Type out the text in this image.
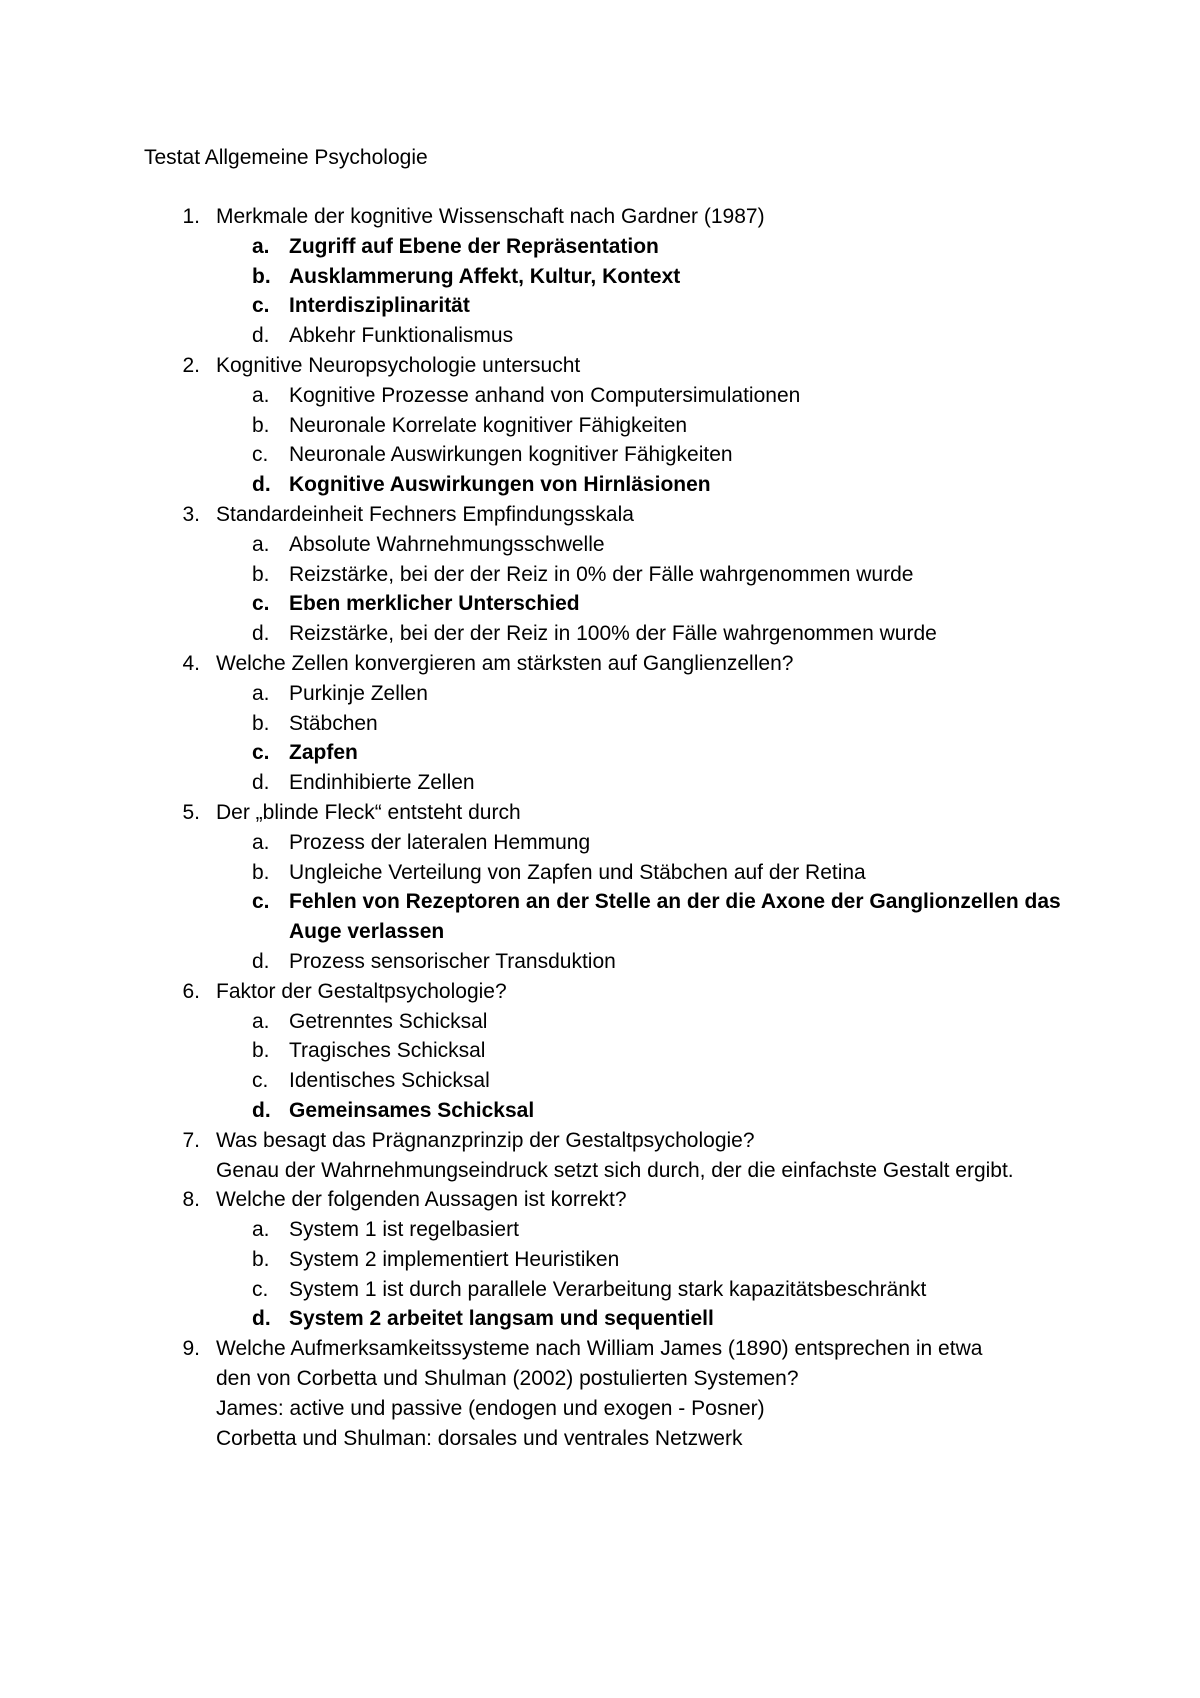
Testat Allgemeine Psychologie
1. Merkmale der kognitive Wissenschaft nach Gardner (1987)
a. Zugriff auf Ebene der Repräsentation
b. Ausklammerung Affekt, Kultur, Kontext
c. Interdisziplinarität
d. Abkehr Funktionalismus
2. Kognitive Neuropsychologie untersucht
a. Kognitive Prozesse anhand von Computersimulationen
b. Neuronale Korrelate kognitiver Fähigkeiten
c. Neuronale Auswirkungen kognitiver Fähigkeiten
d. Kognitive Auswirkungen von Hirnläsionen
3. Standardeinheit Fechners Empfindungsskala
a. Absolute Wahrnehmungsschwelle
b. Reizstärke, bei der der Reiz in 0% der Fälle wahrgenommen wurde
c. Eben merklicher Unterschied
d. Reizstärke, bei der der Reiz in 100% der Fälle wahrgenommen wurde
4. Welche Zellen konvergieren am stärksten auf Ganglienzellen?
a. Purkinje Zellen
b. Stäbchen
c. Zapfen
d. Endinhibierte Zellen
5. Der „blinde Fleck“ entsteht durch
a. Prozess der lateralen Hemmung
b. Ungleiche Verteilung von Zapfen und Stäbchen auf der Retina
c. Fehlen von Rezeptoren an der Stelle an der die Axone der Ganglionzellen das
Auge verlassen
d. Prozess sensorischer Transduktion
6. Faktor der Gestaltpsychologie?
a. Getrenntes Schicksal
b. Tragisches Schicksal
c. Identisches Schicksal
d. Gemeinsames Schicksal
7. Was besagt das Prägnanzprinzip der Gestaltpsychologie?
Genau der Wahrnehmungseindruck setzt sich durch, der die einfachste Gestalt ergibt.
8. Welche der folgenden Aussagen ist korrekt?
a. System 1 ist regelbasiert
b. System 2 implementiert Heuristiken
c. System 1 ist durch parallele Verarbeitung stark kapazitätsbeschränkt
d. System 2 arbeitet langsam und sequentiell
9. Welche Aufmerksamkeitssysteme nach William James (1890) entsprechen in etwa
den von Corbetta und Shulman (2002) postulierten Systemen?
James: active und passive (endogen und exogen - Posner)
Corbetta und Shulman: dorsales und ventrales Netzwerk
